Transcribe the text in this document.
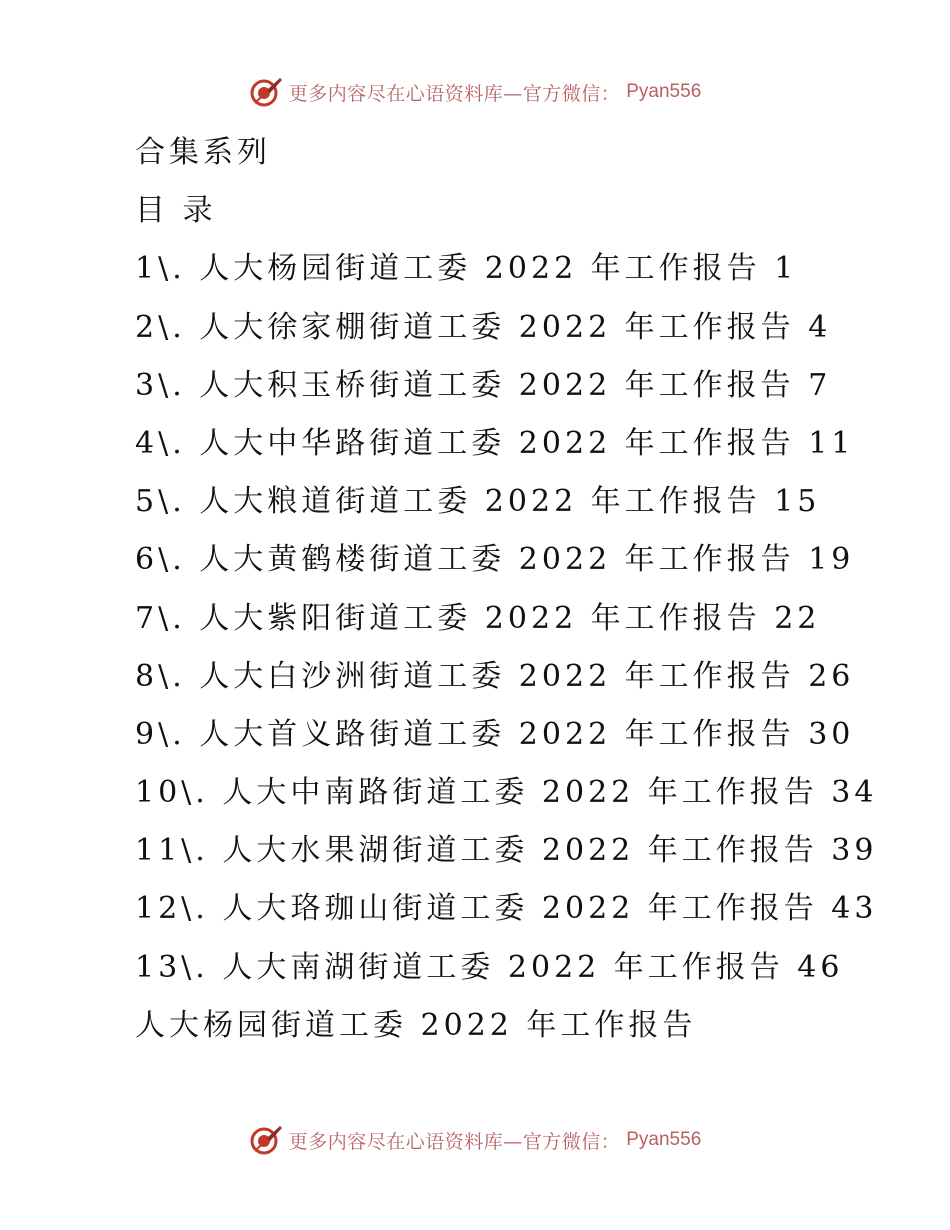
更多内容尽在心语资料库—官方微信： Pyan556
合集系列
目 录
1\. 人大杨园街道工委 2022 年工作报告 1
2\. 人大徐家棚街道工委 2022 年工作报告 4
3\. 人大积玉桥街道工委 2022 年工作报告 7
4\. 人大中华路街道工委 2022 年工作报告 11
5\. 人大粮道街道工委 2022 年工作报告 15
6\. 人大黄鹤楼街道工委 2022 年工作报告 19
7\. 人大紫阳街道工委 2022 年工作报告 22
8\. 人大白沙洲街道工委 2022 年工作报告 26
9\. 人大首义路街道工委 2022 年工作报告 30
10\. 人大中南路街道工委 2022 年工作报告 34
11\. 人大水果湖街道工委 2022 年工作报告 39
12\. 人大珞珈山街道工委 2022 年工作报告 43
13\. 人大南湖街道工委 2022 年工作报告 46
人大杨园街道工委 2022 年工作报告
更多内容尽在心语资料库—官方微信： Pyan556
